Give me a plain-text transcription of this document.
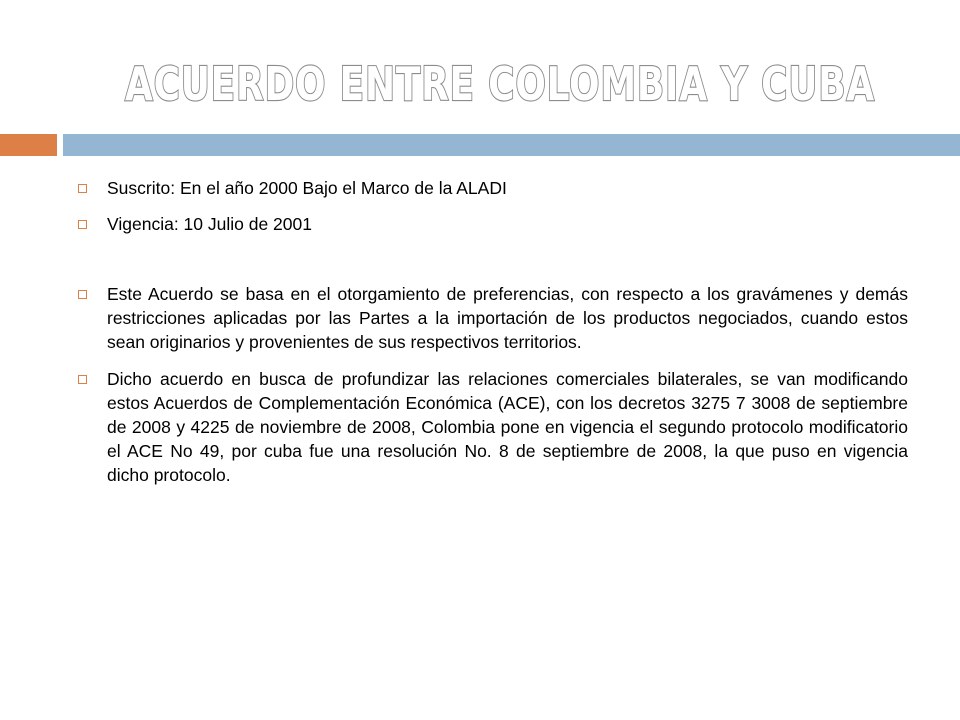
ACUERDO ENTRE COLOMBIA Y CUBA
Suscrito: En el año 2000 Bajo el Marco de la ALADI
Vigencia: 10 Julio de 2001
Este Acuerdo se basa en el otorgamiento de preferencias, con respecto a los gravámenes y demás restricciones aplicadas por las Partes a la importación de los productos negociados, cuando estos sean originarios y provenientes de sus respectivos territorios.
Dicho acuerdo en busca de profundizar las relaciones comerciales bilaterales, se van modificando estos Acuerdos de Complementación Económica (ACE), con los decretos 3275 7 3008 de septiembre de 2008 y 4225 de noviembre de 2008, Colombia pone en vigencia el segundo protocolo modificatorio el ACE No 49, por cuba fue una resolución No. 8 de septiembre de 2008, la que puso en vigencia dicho protocolo.
